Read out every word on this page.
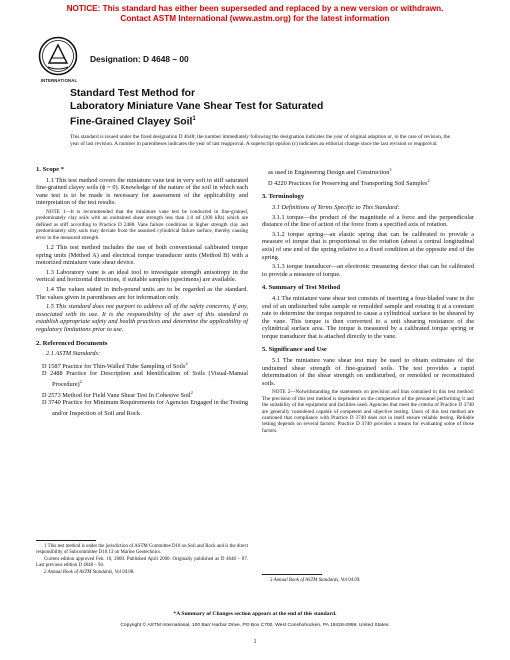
NOTICE: This standard has either been superseded and replaced by a new version or withdrawn.
Contact ASTM International (www.astm.org) for the latest information
INTERNATIONAL
Designation: D 4648 – 00
Standard Test Method for
Laboratory Miniature Vane Shear Test for Saturated
Fine-Grained Clayey Soil$^1$
This standard is issued under the fixed designation D 4648; the number immediately following the designation indicates the year of original adoption or, in the case of revision, the year of last revision. A number in parentheses indicates the year of last reapproval. A superscript epsilon (ε) indicates an editorial change since the last revision or reapproval.
1. Scope *

1.1 This test method covers the miniature vane test in very soft to stiff saturated fine-grained clayey soils (ϕ = 0). Knowledge of the nature of the soil in which each vane test is to be made is necessary for assessment of the applicability and interpretation of the test results.

NOTE 1—It is recommended that the miniature vane test be conducted in fine-grained, predominately clay soils with an undrained shear strength less than 1.0 tsf (100 kPa) which are defined as stiff according to Practice D 2488. Vane failure conditions in higher strength clay and predominately silty soils may deviate from the assumed cylindrical failure surface, thereby causing error in the measured strength.

1.2 This test method includes the use of both conventional calibrated torque spring units (Method A) and electrical torque transducer units (Method B) with a motorized miniature vane shear device.

1.3 Laboratory vane is an ideal tool to investigate strength anisotropy in the vertical and horizontal directions, if suitable samples (specimens) are available.

1.4 The values stated in inch-pound units are to be regarded as the standard. The values given in parentheses are for information only.

1.5 This standard does not purport to address all of the safety concerns, if any, associated with its use. It is the responsibility of the user of this standard to establish appropriate safety and health practices and determine the applicability of regulatory limitations prior to use.

2. Referenced Documents

2.1 ASTM Standards:

D 1587 Practice for Thin-Walled Tube Sampling of Soils$^2$

D 2488 Practice for Description and Identification of Soils (Visual-Manual Procedure)$^2$

D 2573 Method for Field Vane Shear Test In Cohesive Soil$^2$

D 3740 Practice for Minimum Requirements for Agencies Engaged in the Testing and/or Inspection of Soil and Rock

1 This test method is under the jurisdiction of ASTM Committee D18 on Soil and Rock and is the direct responsibility of Subcommittee D18.13 on Marine Geotechnics.

Current edition approved Feb. 10, 2000. Published April 2000. Originally published as D 4648 – 87. Last previous edition D 4648 – 94.

2 Annual Book of ASTM Standards, Vol 04.08.

as used in Engineering Design and Construction$^3$

D 4220 Practices for Preserving and Transporting Soil Samples$^2$

3. Terminology

3.1 Definitions of Terms Specific to This Standard:

3.1.1 torque—the product of the magnitude of a force and the perpendicular distance of the line of action of the force from a specified axis of rotation.

3.1.2 torque spring—an elastic spring that can be calibrated to provide a measure of torque that is proportional to the rotation (about a central longitudinal axis) of one end of the spring relative to a fixed condition at the opposite end of the spring.

3.1.3 torque transducer—an electronic measuring device that can be calibrated to provide a measure of torque.

4. Summary of Test Method

4.1 The miniature vane shear test consists of inserting a four-bladed vane in the end of an undisturbed tube sample or remolded sample and rotating it at a constant rate to determine the torque required to cause a cylindrical surface to be sheared by the vane. This torque is then converted to a unit shearing resistance of the cylindrical surface area. The torque is measured by a calibrated torque spring or torque transducer that is attached directly to the vane.

5. Significance and Use

5.1 The miniature vane shear test may be used to obtain estimates of the undrained shear strength of fine-grained soils. The test provides a rapid determination of the shear strength on undisturbed, or remolded or reconstituted soils.

NOTE 2—Notwithstanding the statements on precision and bias contained in this test method: The precision of this test method is dependent on the competence of the personnel performing it and the suitability of the equipment and facilities used. Agencies that meet the criteria of Practice D 3740 are generally considered capable of competent and objective testing. Users of this test method are cautioned that compliance with Practice D 3740 does not in itself ensure reliable testing. Reliable testing depends on several factors; Practice D 3740 provides a means for evaluating some of those factors.

3 Annual Book of ASTM Standards, Vol 04.09.

*A Summary of Changes section appears at the end of this standard.
Copyright © ASTM International, 100 Barr Harbor Drive, PO Box C700, West Conshohocken, PA 19428-2959, United States.
1
